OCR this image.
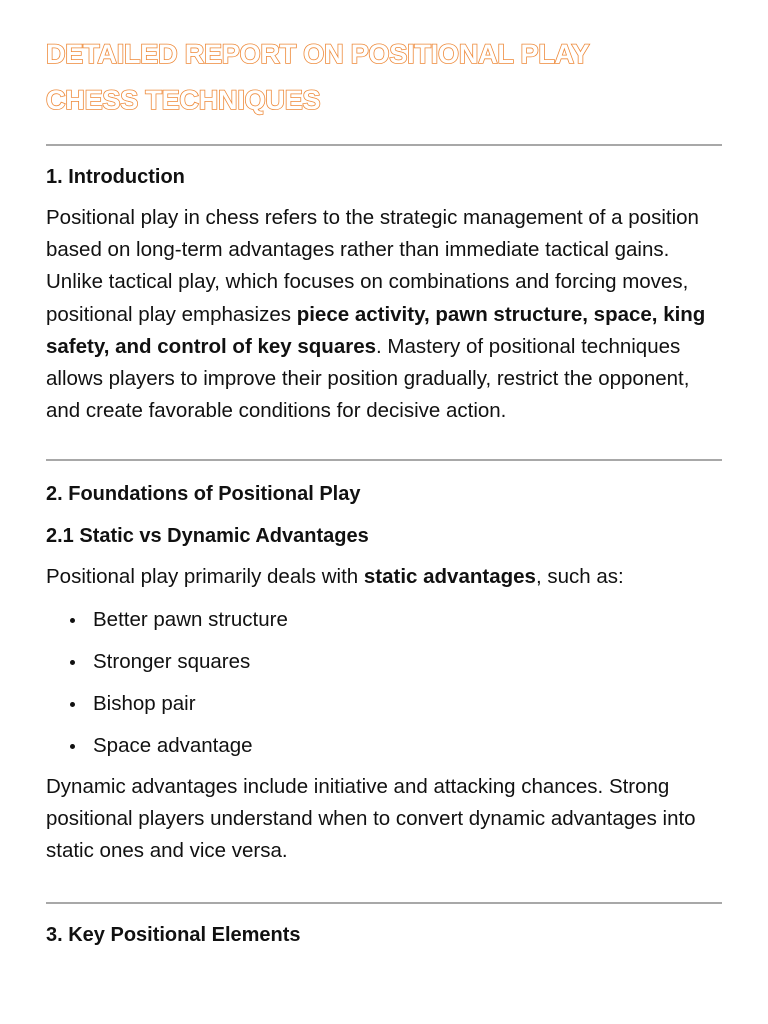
DETAILED REPORT ON POSITIONAL PLAY CHESS TECHNIQUES
1. Introduction

Positional play in chess refers to the strategic management of a position based on long-term advantages rather than immediate tactical gains. Unlike tactical play, which focuses on combinations and forcing moves, positional play emphasizes piece activity, pawn structure, space, king safety, and control of key squares. Mastery of positional techniques allows players to improve their position gradually, restrict the opponent, and create favorable conditions for decisive action.

2. Foundations of Positional Play
2.1 Static vs Dynamic Advantages

Positional play primarily deals with static advantages, such as:

Better pawn structure
Stronger squares
Bishop pair
Space advantage

Dynamic advantages include initiative and attacking chances. Strong positional players understand when to convert dynamic advantages into static ones and vice versa.

3. Key Positional Elements
